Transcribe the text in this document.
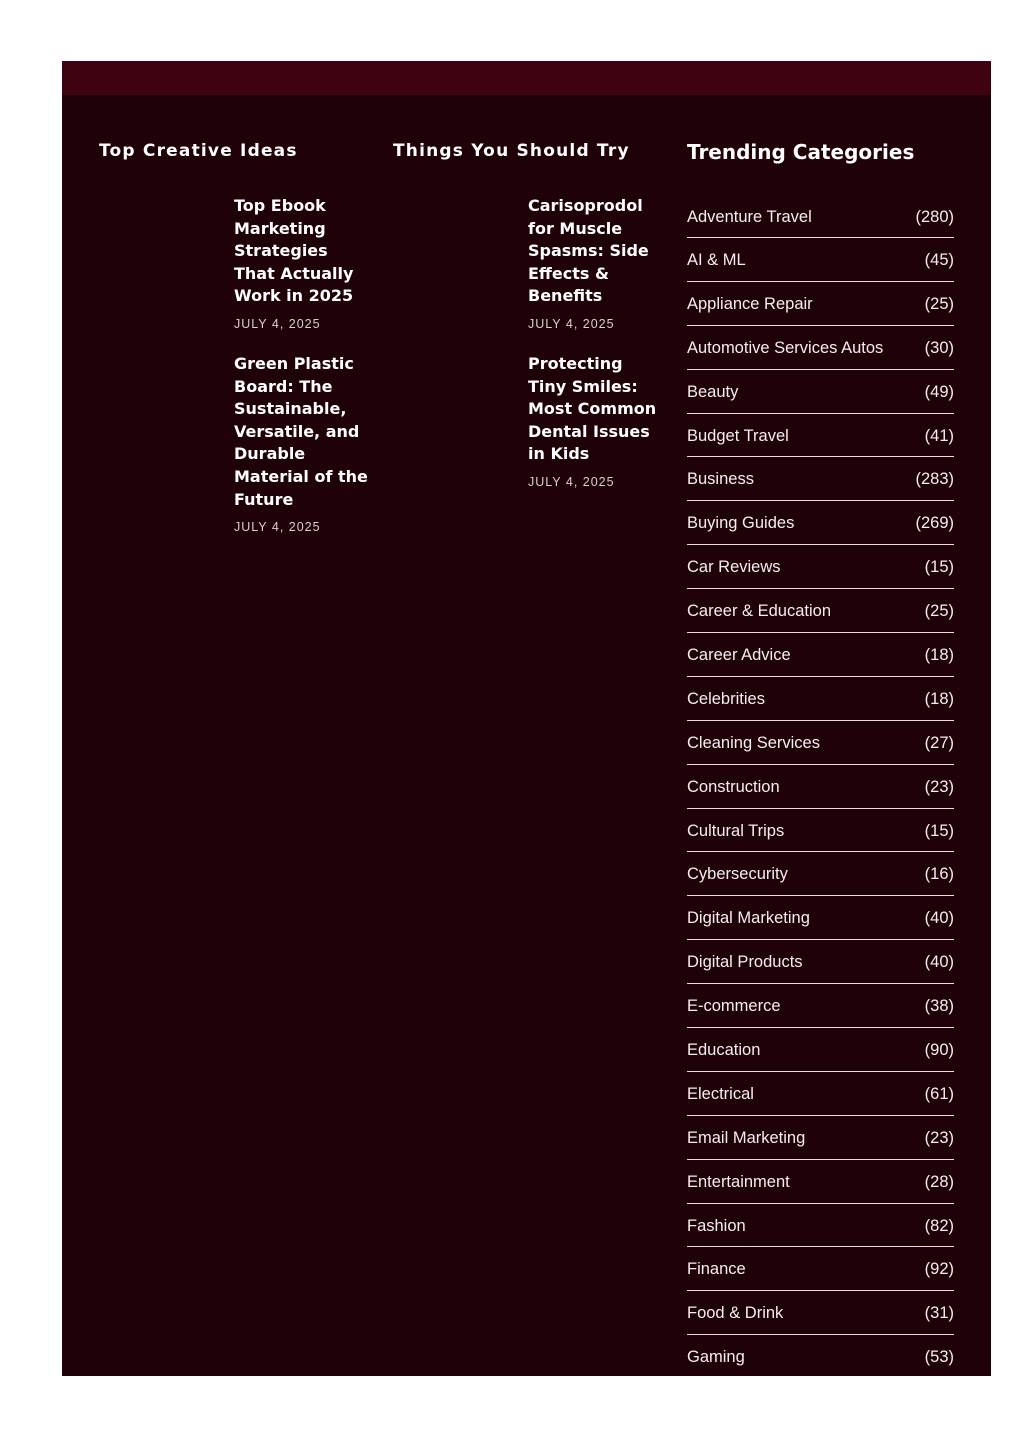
Top Creative Ideas
Top Ebook Marketing Strategies That Actually Work in 2025
JULY 4, 2025
Green Plastic Board: The Sustainable, Versatile, and Durable Material of the Future
JULY 4, 2025
Things You Should Try
Carisoprodol for Muscle Spasms: Side Effects & Benefits
JULY 4, 2025
Protecting Tiny Smiles: Most Common Dental Issues in Kids
JULY 4, 2025
Trending Categories
Adventure Travel	(280)
AI & ML	(45)
Appliance Repair	(25)
Automotive Services Autos	(30)
Beauty	(49)
Budget Travel	(41)
Business	(283)
Buying Guides	(269)
Car Reviews	(15)
Career & Education	(25)
Career Advice	(18)
Celebrities	(18)
Cleaning Services	(27)
Construction	(23)
Cultural Trips	(15)
Cybersecurity	(16)
Digital Marketing	(40)
Digital Products	(40)
E-commerce	(38)
Education	(90)
Electrical	(61)
Email Marketing	(23)
Entertainment	(28)
Fashion	(82)
Finance	(92)
Food & Drink	(31)
Gaming	(53)
